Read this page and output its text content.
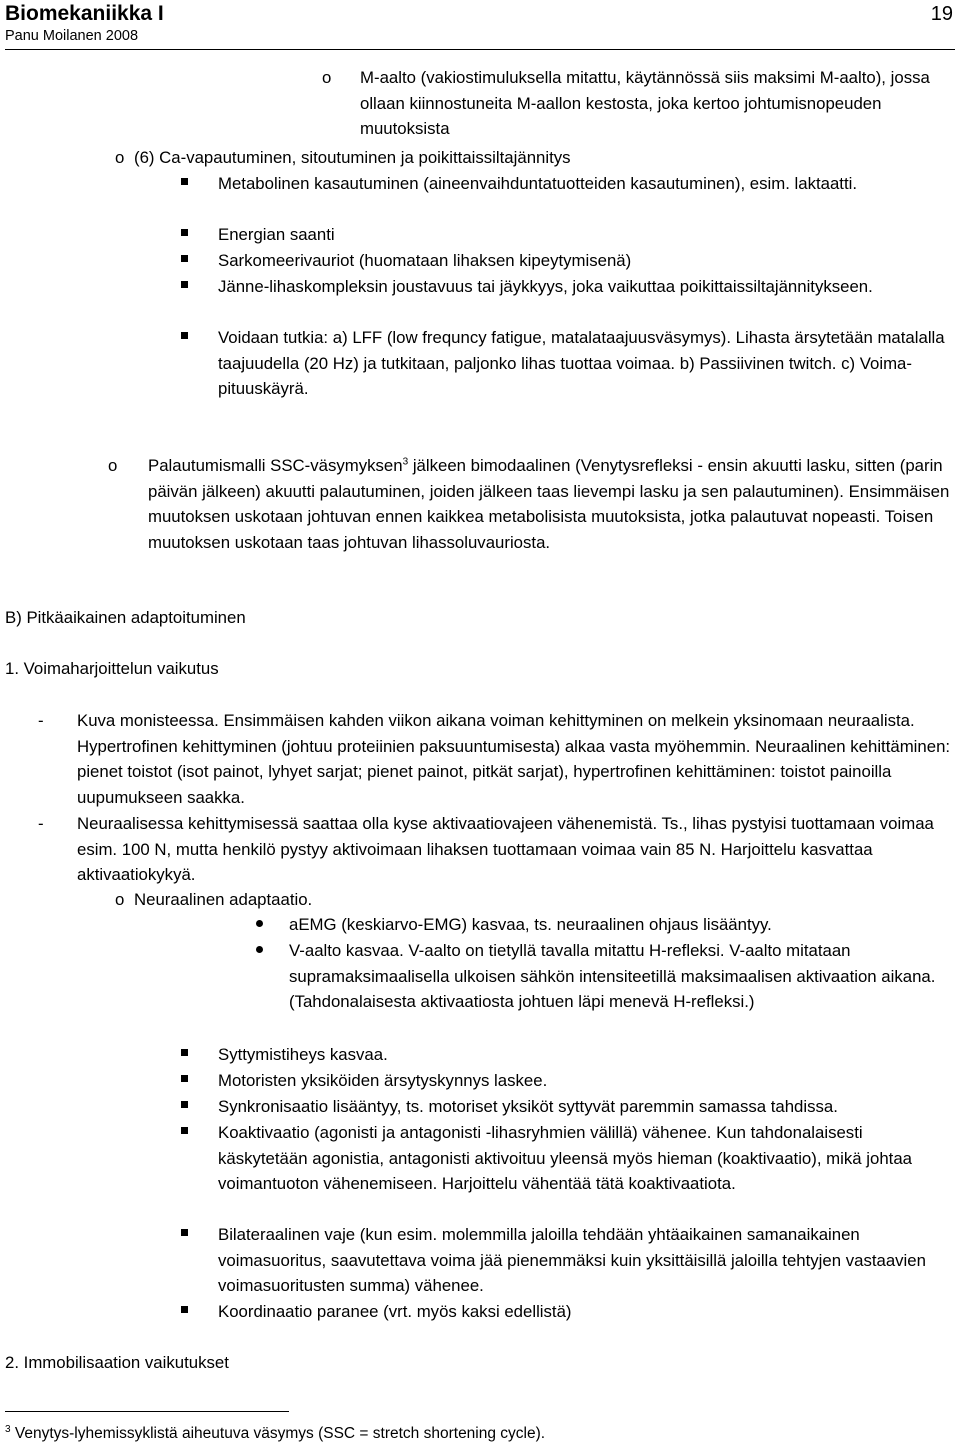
Biomekaniikka I
Panu Moilanen 2008
19
o M-aalto (vakiostimuluksella mitattu, käytännössä siis maksimi M-aalto), jossa ollaan kiinnostuneita M-aallon kestosta, joka kertoo johtumisnopeuden muutoksista
o (6) Ca-vapautuminen, sitoutuminen ja poikittaissiltajännitys
Metabolinen kasautuminen (aineenvaihduntatuotteiden kasautuminen), esim. laktaatti.
Energian saanti
Sarkomeerivauriot (huomataan lihaksen kipeytymisenä)
Jänne-lihaskompleksin joustavuus tai jäykkyys, joka vaikuttaa poikittaissiltajännitykseen.
Voidaan tutkia: a) LFF (low frequncy fatigue, matalataajuusväsymys). Lihasta ärsytetään matalalla taajuudella (20 Hz) ja tutkitaan, paljonko lihas tuottaa voimaa. b) Passiivinen twitch. c) Voima-pituuskäyrä.
o Palautumismalli SSC-väsymyksen$^3$ jälkeen bimodaalinen (Venytysrefleksi - ensin akuutti lasku, sitten (parin päivän jälkeen) akuutti palautuminen, joiden jälkeen taas lievempi lasku ja sen palautuminen). Ensimmäisen muutoksen uskotaan johtuvan ennen kaikkea metabolisista muutoksista, jotka palautuvat nopeasti. Toisen muutoksen uskotaan taas johtuvan lihassoluvauriosta.
B) Pitkäaikainen adaptoituminen
1. Voimaharjoittelun vaikutus
- Kuva monisteessa. Ensimmäisen kahden viikon aikana voiman kehittyminen on melkein yksinomaan neuraalista. Hypertrofinen kehittyminen (johtuu proteiinien paksuuntumisesta) alkaa vasta myöhemmin. Neuraalinen kehittäminen: pienet toistot (isot painot, lyhyet sarjat; pienet painot, pitkät sarjat), hypertrofinen kehittäminen: toistot painoilla uupumukseen saakka.
- Neuraalisessa kehittymisessä saattaa olla kyse aktivaatiovajeen vähenemistä. Ts., lihas pystyisi tuottamaan voimaa esim. 100 N, mutta henkilö pystyy aktivoimaan lihaksen tuottamaan voimaa vain 85 N. Harjoittelu kasvattaa aktivaatiokykyä.
o Neuraalinen adaptaatio.
aEMG (keskiarvo-EMG) kasvaa, ts. neuraalinen ohjaus lisääntyy.
V-aalto kasvaa. V-aalto on tietyllä tavalla mitattu H-refleksi. V-aalto mitataan supramaksimaalisella ulkoisen sähkön intensiteetillä maksimaalisen aktivaation aikana. (Tahdonalaisesta aktivaatiosta johtuen läpi menevä H-refleksi.)
Syttymistiheys kasvaa.
Motoristen yksiköiden ärsytyskynnys laskee.
Synkronisaatio lisääntyy, ts. motoriset yksiköt syttyvät paremmin samassa tahdissa.
Koaktivaatio (agonisti ja antagonisti -lihasryhmien välillä) vähenee. Kun tahdonalaisesti käskytetään agonistia, antagonisti aktivoituu yleensä myös hieman (koaktivaatio), mikä johtaa voimantuoton vähenemiseen. Harjoittelu vähentää tätä koaktivaatiota.
Bilateraalinen vaje (kun esim. molemmilla jaloilla tehdään yhtäaikainen samanaikainen voimasuoritus, saavutettava voima jää pienemmäksi kuin yksittäisillä jaloilla tehtyjen vastaavien voimasuoritusten summa) vähenee.
Koordinaatio paranee (vrt. myös kaksi edellistä)
2. Immobilisaation vaikutukset
$^3$ Venytys-lyhemissyklistä aiheutuva väsymys (SSC = stretch shortening cycle).
